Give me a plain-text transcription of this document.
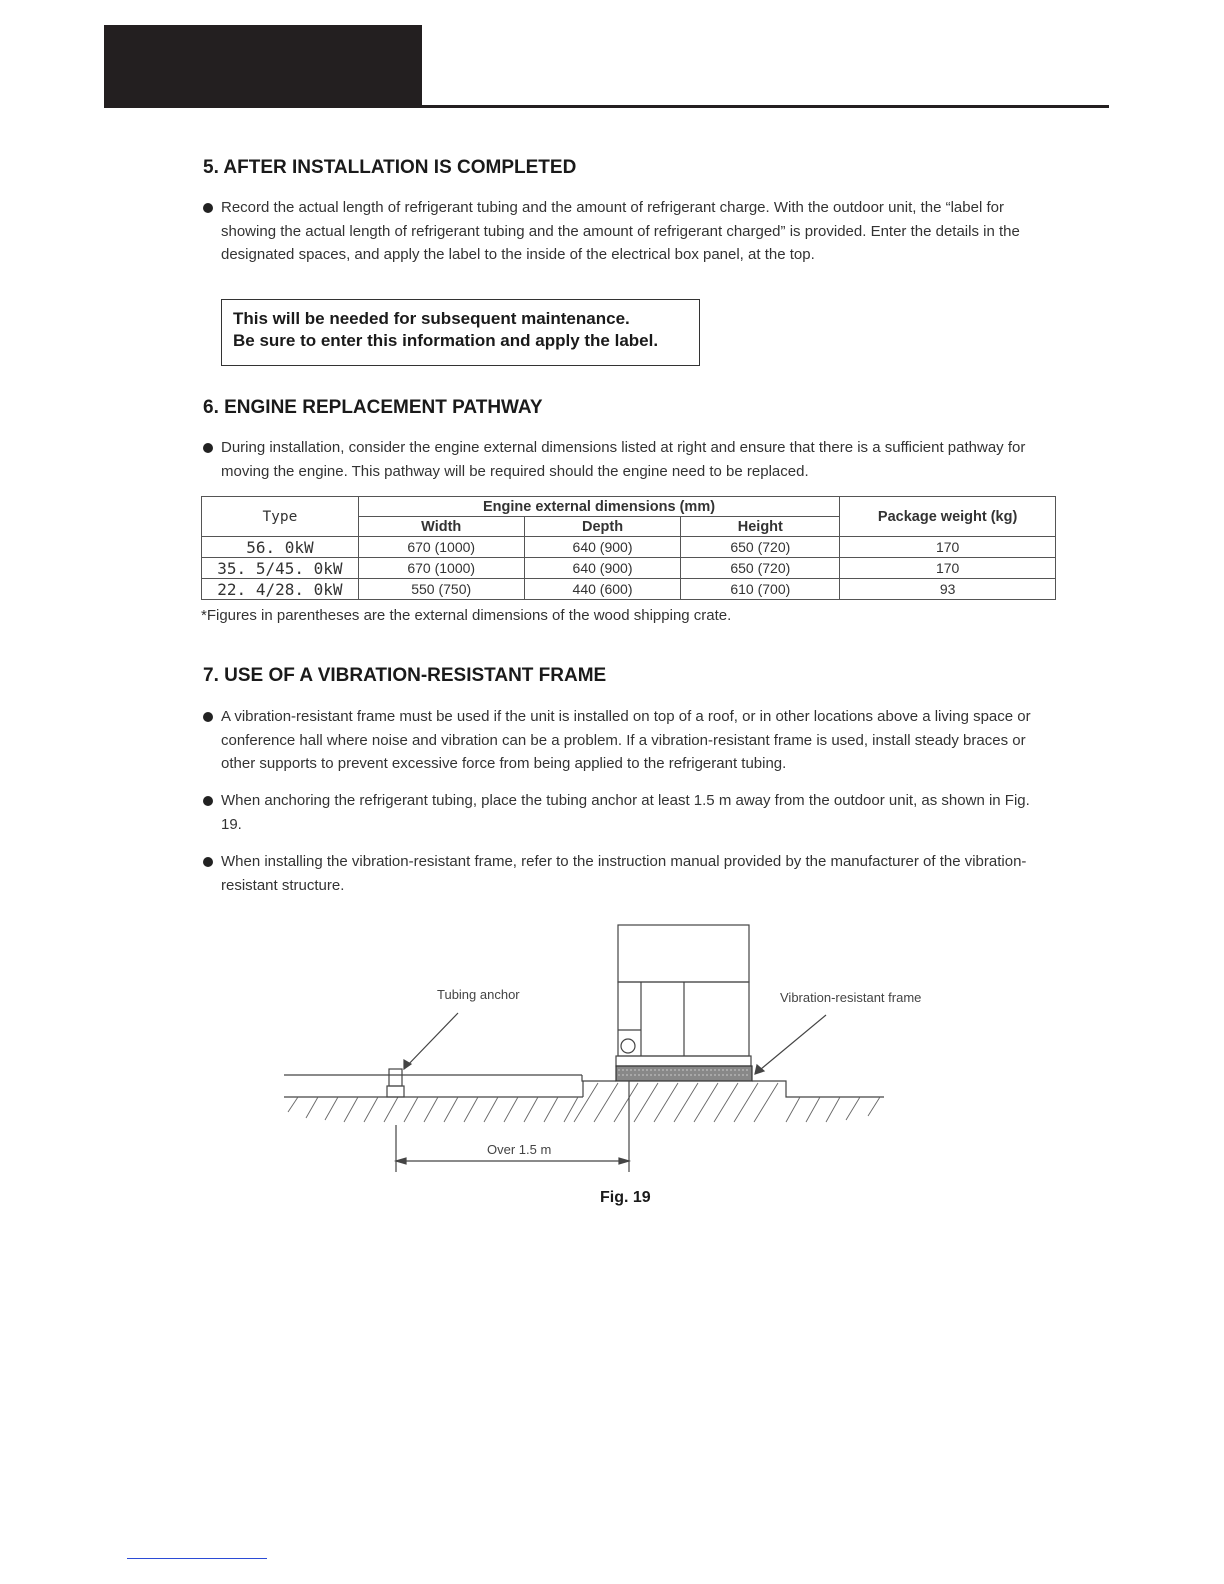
5. AFTER INSTALLATION IS COMPLETED
Record the actual length of refrigerant tubing and the amount of refrigerant charge. With the outdoor unit, the “label for showing the actual length of refrigerant tubing and the amount of refrigerant charged” is provided. Enter the details in the designated spaces, and apply the label to the inside of the electrical box panel, at the top.
This will be needed for subsequent maintenance.
Be sure to enter this information and apply the label.
6. ENGINE REPLACEMENT PATHWAY
During installation, consider the engine external dimensions listed at right and ensure that there is a sufficient pathway for moving the engine. This pathway will be required should the engine need to be replaced.
Type	Engine external dimensions (mm)			Package weight (kg)
	Width	Depth	Height	
56. 0kW	670 (1000)	640 (900)	650 (720)	170
35. 5/45. 0kW	670 (1000)	640 (900)	650 (720)	170
22. 4/28. 0kW	550 (750)	440 (600)	610 (700)	93
*Figures in parentheses are the external dimensions of the wood shipping crate.
7. USE OF A VIBRATION-RESISTANT FRAME
A vibration-resistant frame must be used if the unit is installed on top of a roof, or in other locations above a living space or conference hall where noise and vibration can be a problem. If a vibration-resistant frame is used, install steady braces or other supports to prevent excessive force from being applied to the refrigerant tubing.
When anchoring the refrigerant tubing, place the tubing anchor at least 1.5 m away from the outdoor unit, as shown in Fig. 19.
When installing the vibration-resistant frame, refer to the instruction manual provided by the manufacturer of the vibration-resistant structure.
Tubing anchor	Vibration-resistant frame
Over 1.5 m
Fig. 19
